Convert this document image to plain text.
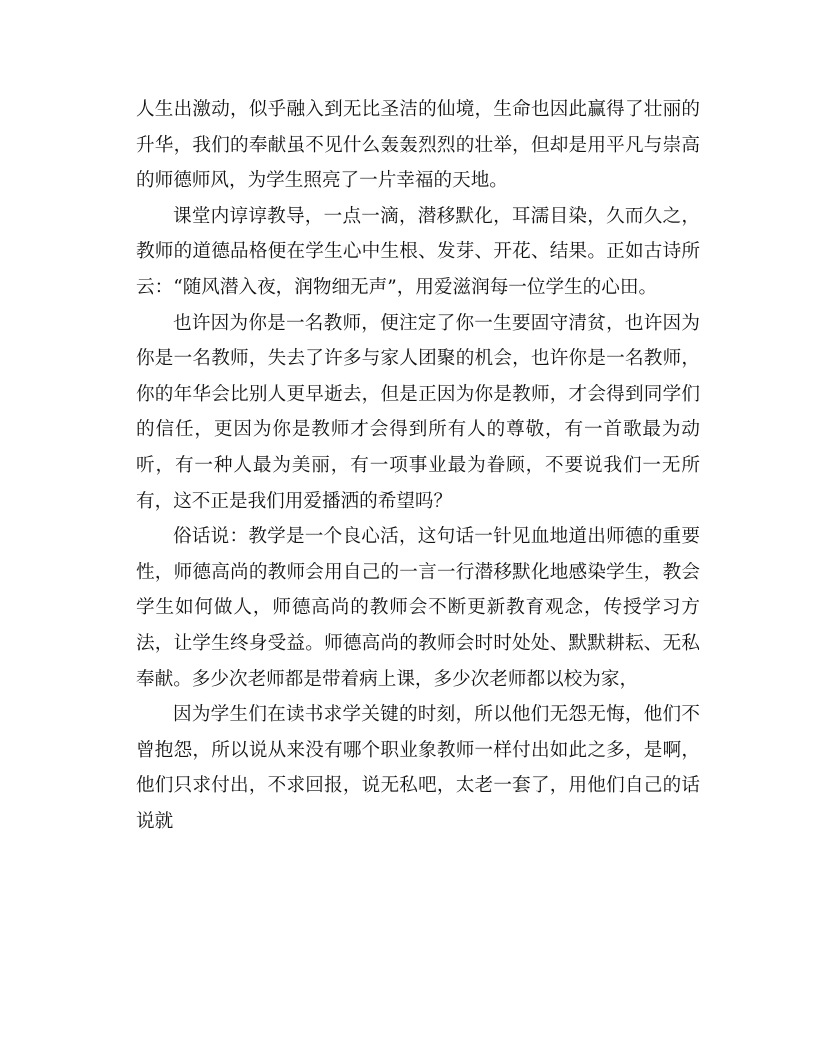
人生出激动，似乎融入到无比圣洁的仙境，生命也因此赢得了壮丽的升华，我们的奉献虽不见什么轰轰烈烈的壮举，但却是用平凡与崇高的师德师风，为学生照亮了一片幸福的天地。

课堂内谆谆教导，一点一滴，潜移默化，耳濡目染，久而久之，教师的道德品格便在学生心中生根、发芽、开花、结果。正如古诗所云：“随风潜入夜，润物细无声”，用爱滋润每一位学生的心田。

也许因为你是一名教师，便注定了你一生要固守清贫，也许因为你是一名教师，失去了许多与家人团聚的机会，也许你是一名教师，你的年华会比别人更早逝去，但是正因为你是教师，才会得到同学们的信任，更因为你是教师才会得到所有人的尊敬，有一首歌最为动听，有一种人最为美丽，有一项事业最为眷顾，不要说我们一无所有，这不正是我们用爱播洒的希望吗？

俗话说：教学是一个良心活，这句话一针见血地道出师德的重要性，师德高尚的教师会用自己的一言一行潜移默化地感染学生，教会学生如何做人，师德高尚的教师会不断更新教育观念，传授学习方法，让学生终身受益。师德高尚的教师会时时处处、默默耕耘、无私奉献。多少次老师都是带着病上课，多少次老师都以校为家，

因为学生们在读书求学关键的时刻，所以他们无怨无悔，他们不曾抱怨，所以说从来没有哪个职业象教师一样付出如此之多，是啊，他们只求付出，不求回报，说无私吧，太老一套了，用他们自己的话说就
